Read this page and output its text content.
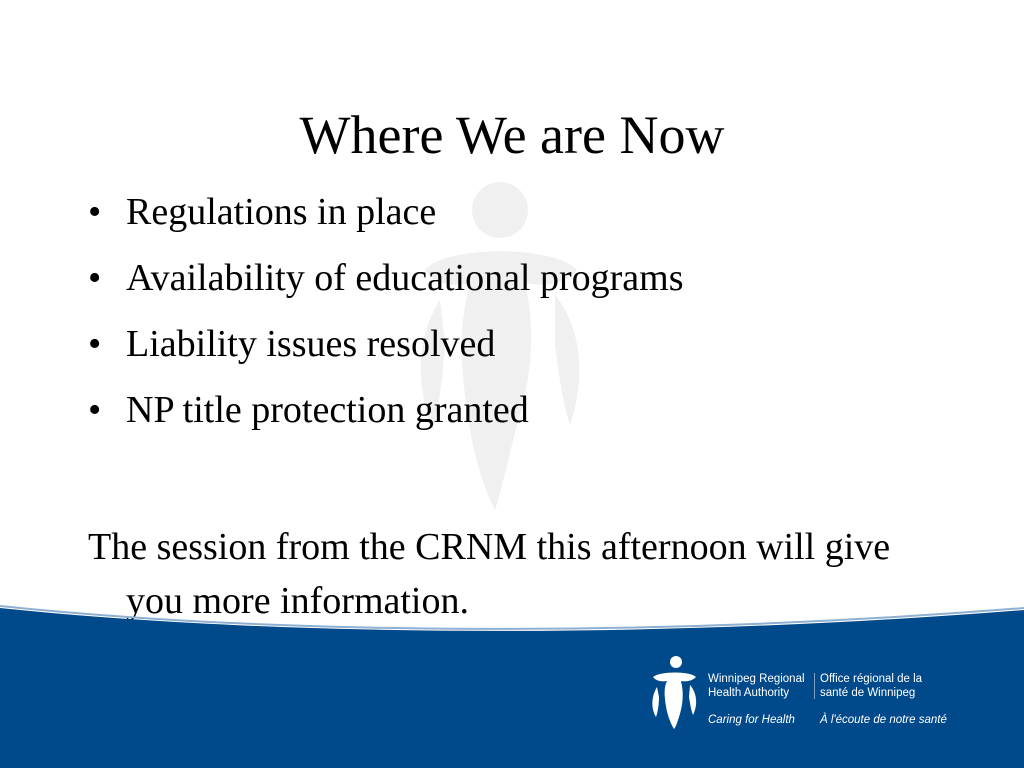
Where We are Now
• Regulations in place
• Availability of educational programs
• Liability issues resolved
• NP title protection granted

The session from the CRNM this afternoon will give you more information.

Winnipeg Regional
Health Authority
Caring for Health
Office régional de la
santé de Winnipeg
À l'écoute de notre santé
